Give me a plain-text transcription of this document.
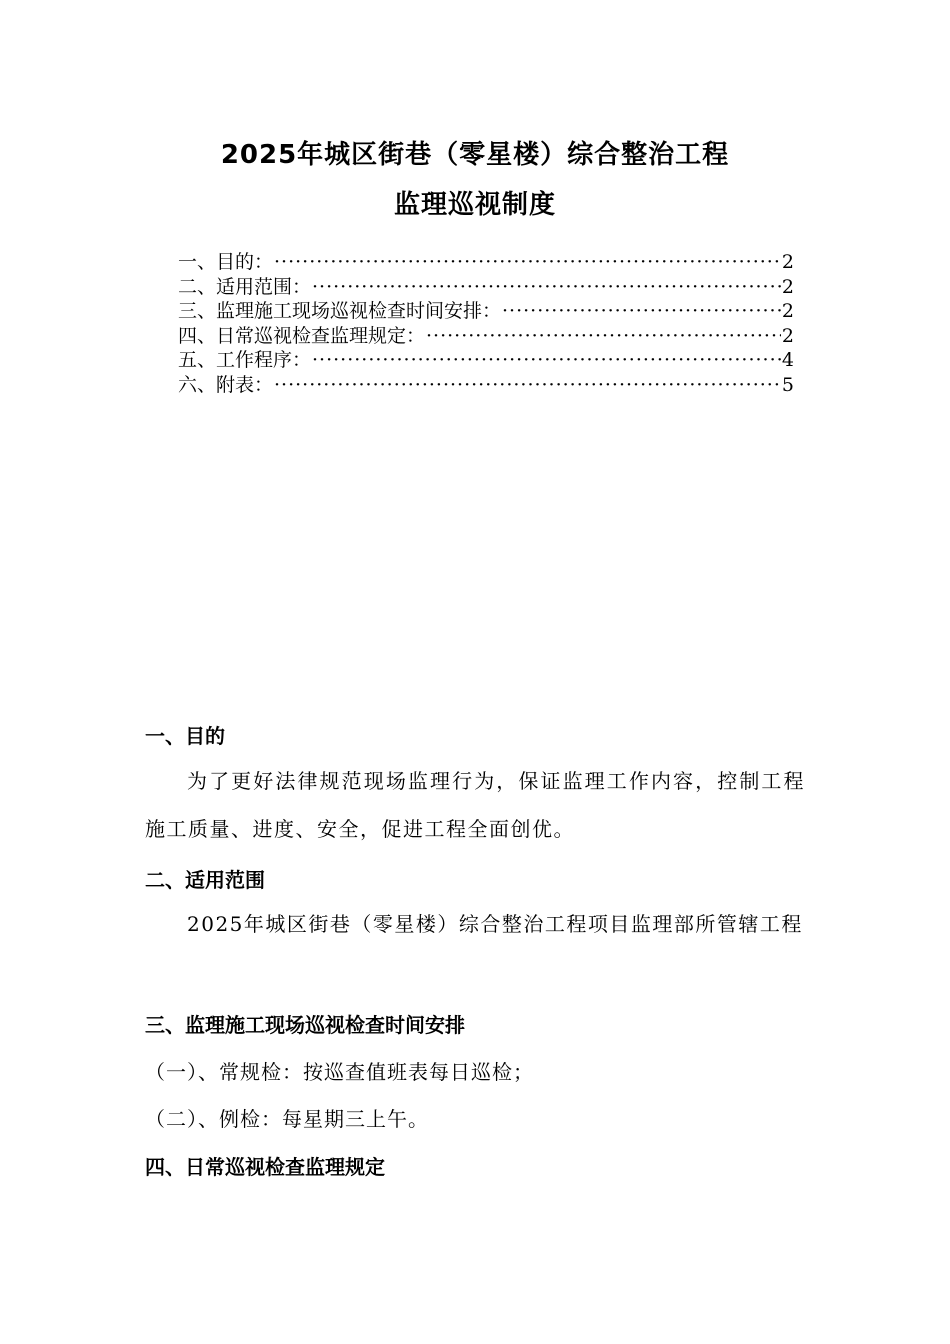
2025年城区街巷（零星楼）综合整治工程
监理巡视制度
一、目的： ·····	2
二、适用范围： ·····	2
三、监理施工现场巡视检查时间安排： ·····	2
四、日常巡视检查监理规定： ·····	2
五、工作程序： ·····	4
六、附表： ·····	5
一、目的
为了更好法律规范现场监理行为，保证监理工作内容，控制工程施工质量、进度、安全，促进工程全面创优。
二、适用范围
2025年城区街巷（零星楼）综合整治工程项目监理部所管辖工程
三、监理施工现场巡视检查时间安排
（一）、常规检：按巡查值班表每日巡检；
（二）、例检：每星期三上午。
四、日常巡视检查监理规定
